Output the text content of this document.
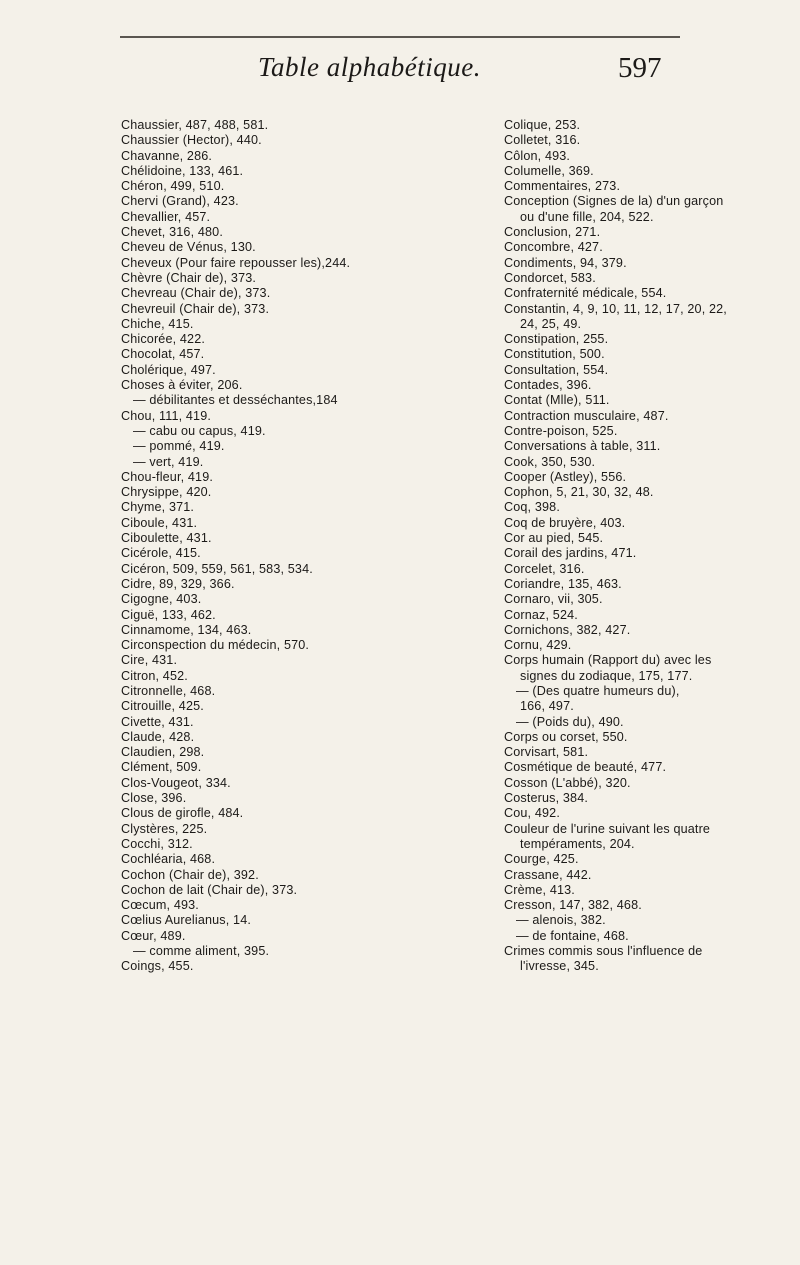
Table alphabétique.	597
Chaussier, 487, 488, 581.
Chaussier (Hector), 440.
Chavanne, 286.
Chélidoine, 133, 461.
Chéron, 499, 510.
Chervi (Grand), 423.
Chevallier, 457.
Chevet, 316, 480.
Cheveu de Vénus, 130.
Cheveux (Pour faire repousser les),244.
Chèvre (Chair de), 373.
Chevreau (Chair de), 373.
Chevreuil (Chair de), 373.
Chiche, 415.
Chicorée, 422.
Chocolat, 457.
Cholérique, 497.
Choses à éviter, 206.
— débilitantes et desséchantes,184
Chou, 111, 419.
— cabu ou capus, 419.
— pommé, 419.
— vert, 419.
Chou-fleur, 419.
Chrysippe, 420.
Chyme, 371.
Ciboule, 431.
Ciboulette, 431.
Cicérole, 415.
Cicéron, 509, 559, 561, 583, 534.
Cidre, 89, 329, 366.
Cigogne, 403.
Ciguë, 133, 462.
Cinnamome, 134, 463.
Circonspection du médecin, 570.
Cire, 431.
Citron, 452.
Citronnelle, 468.
Citrouille, 425.
Civette, 431.
Claude, 428.
Claudien, 298.
Clément, 509.
Clos-Vougeot, 334.
Close, 396.
Clous de girofle, 484.
Clystères, 225.
Cocchi, 312.
Cochléaria, 468.
Cochon (Chair de), 392.
Cochon de lait (Chair de), 373.
Cœcum, 493.
Cœlius Aurelianus, 14.
Cœur, 489.
— comme aliment, 395.
Coings, 455.
Colique, 253.
Colletet, 316.
Côlon, 493.
Columelle, 369.
Commentaires, 273.
Conception (Signes de la) d'un garçon
ou d'une fille, 204, 522.
Conclusion, 271.
Concombre, 427.
Condiments, 94, 379.
Condorcet, 583.
Confraternité médicale, 554.
Constantin, 4, 9, 10, 11, 12, 17, 20, 22,
24, 25, 49.
Constipation, 255.
Constitution, 500.
Consultation, 554.
Contades, 396.
Contat (Mlle), 511.
Contraction musculaire, 487.
Contre-poison, 525.
Conversations à table, 311.
Cook, 350, 530.
Cooper (Astley), 556.
Cophon, 5, 21, 30, 32, 48.
Coq, 398.
Coq de bruyère, 403.
Cor au pied, 545.
Corail des jardins, 471.
Corcelet, 316.
Coriandre, 135, 463.
Cornaro, vii, 305.
Cornaz, 524.
Cornichons, 382, 427.
Cornu, 429.
Corps humain (Rapport du) avec les
signes du zodiaque, 175, 177.
— (Des quatre humeurs du),
166, 497.
— (Poids du), 490.
Corps ou corset, 550.
Corvisart, 581.
Cosmétique de beauté, 477.
Cosson (L'abbé), 320.
Costerus, 384.
Cou, 492.
Couleur de l'urine suivant les quatre
tempéraments, 204.
Courge, 425.
Crassane, 442.
Crème, 413.
Cresson, 147, 382, 468.
— alenois, 382.
— de fontaine, 468.
Crimes commis sous l'influence de
l'ivresse, 345.
